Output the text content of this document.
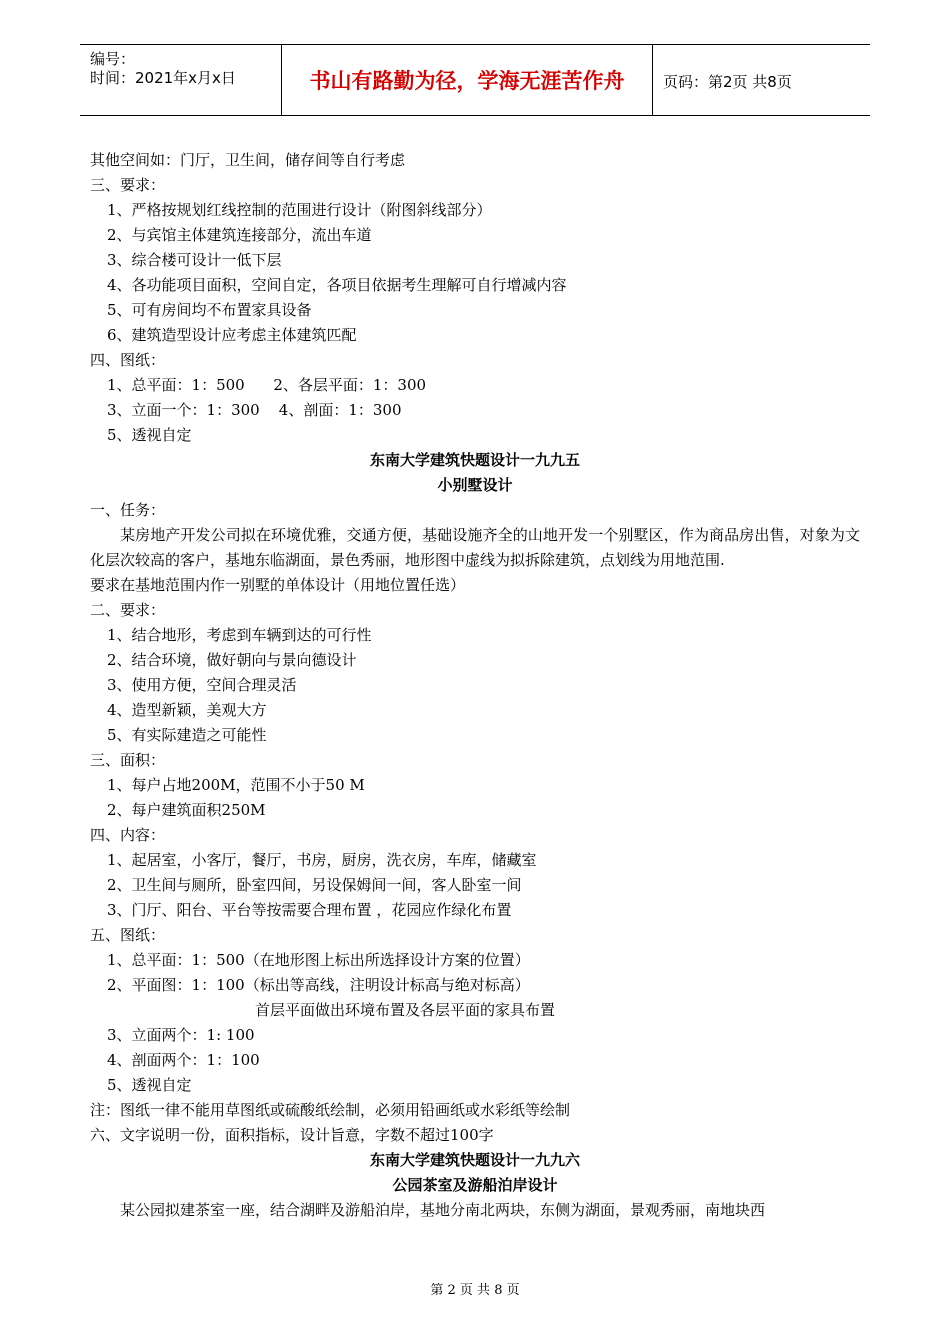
编号：
时间：2021年x月x日	书山有路勤为径，学海无涯苦作舟	页码：第2页 共8页
其他空间如：门厅，卫生间，储存间等自行考虑
三、要求：
1、严格按规划红线控制的范围进行设计（附图斜线部分）
2、与宾馆主体建筑连接部分，流出车道
3、综合楼可设计一低下层
4、各功能项目面积，空间自定，各项目依据考生理解可自行增减内容
5、可有房间均不布置家具设备
6、建筑造型设计应考虑主体建筑匹配
四、图纸：
1、总平面：1：500      2、各层平面：1：300
3、立面一个：1：300    4、剖面：1：300
5、透视自定
东南大学建筑快题设计一九九五
小别墅设计
一、任务：

某房地产开发公司拟在环境优雅，交通方便，基础设施齐全的山地开发一个别墅区，作为商品房出售，对象为文化层次较高的客户，基地东临湖面，景色秀丽，地形图中虚线为拟拆除建筑，点划线为用地范围.

要求在基地范围内作一别墅的单体设计（用地位置任选）
二、要求：
1、结合地形，考虑到车辆到达的可行性
2、结合环境，做好朝向与景向德设计
3、使用方便，空间合理灵活
4、造型新颖，美观大方
5、有实际建造之可能性
三、面积：
1、每户占地200M，范围不小于50 M
2、每户建筑面积250M
四、内容：
1、起居室，小客厅，餐厅，书房，厨房，洗衣房，车库，储藏室
2、卫生间与厕所，卧室四间，另设保姆间一间，客人卧室一间
3、门厅、阳台、平台等按需要合理布置 ，花园应作绿化布置
五、图纸：
1、总平面：1：500（在地形图上标出所选择设计方案的位置）
2、平面图：1：100（标出等高线，注明设计标高与绝对标高）
首层平面做出环境布置及各层平面的家具布置
3、立面两个：1: 100
4、剖面两个：1：100
5、透视自定
注：图纸一律不能用草图纸或硫酸纸绘制，必须用铅画纸或水彩纸等绘制
六、文字说明一份，面积指标，设计旨意，字数不超过100字
东南大学建筑快题设计一九九六
公园茶室及游船泊岸设计
某公园拟建茶室一座，结合湖畔及游船泊岸，基地分南北两块，东侧为湖面，景观秀丽，南地块西
第 2 页 共 8 页
